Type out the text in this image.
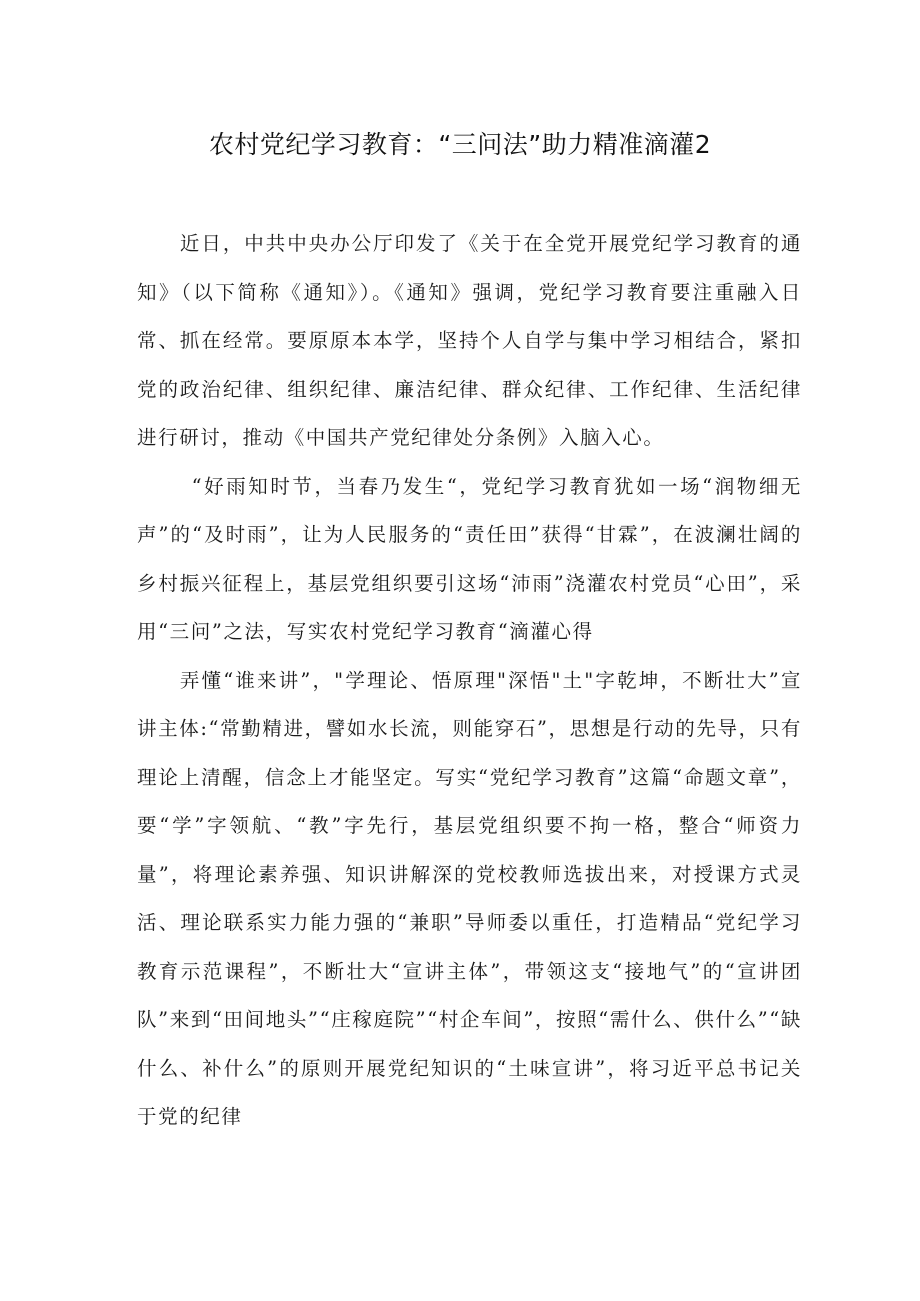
农村党纪学习教育：“三问法”助力精准滴灌2

近日，中共中央办公厅印发了《关于在全党开展党纪学习教育的通知》（以下简称《通知》）。《通知》强调，党纪学习教育要注重融入日常、抓在经常。要原原本本学，坚持个人自学与集中学习相结合，紧扣党的政治纪律、组织纪律、廉洁纪律、群众纪律、工作纪律、生活纪律进行研讨，推动《中国共产党纪律处分条例》入脑入心。

“好雨知时节，当春乃发生“，党纪学习教育犹如一场“润物细无声”的“及时雨”，让为人民服务的“责任田”获得“甘霖”，在波澜壮阔的乡村振兴征程上，基层党组织要引这场“沛雨”浇灌农村党员“心田”，采用“三问”之法，写实农村党纪学习教育“滴灌心得

弄懂“谁来讲”，"学理论、悟原理"深悟"土"字乾坤，不断壮大”宣讲主体:“常勤精进，譬如水长流，则能穿石”，思想是行动的先导，只有理论上清醒，信念上才能坚定。写实“党纪学习教育”这篇“命题文章”，要“学”字领航、“教”字先行，基层党组织要不拘一格，整合“师资力量”，将理论素养强、知识讲解深的党校教师选拔出来，对授课方式灵活、理论联系实力能力强的“兼职”导师委以重任，打造精品“党纪学习教育示范课程”，不断壮大“宣讲主体”，带领这支“接地气”的“宣讲团队”来到“田间地头”“庄稼庭院”“村企车间”，按照“需什么、供什么”“缺什么、补什么”的原则开展党纪知识的“土味宣讲”，将习近平总书记关于党的纪律
